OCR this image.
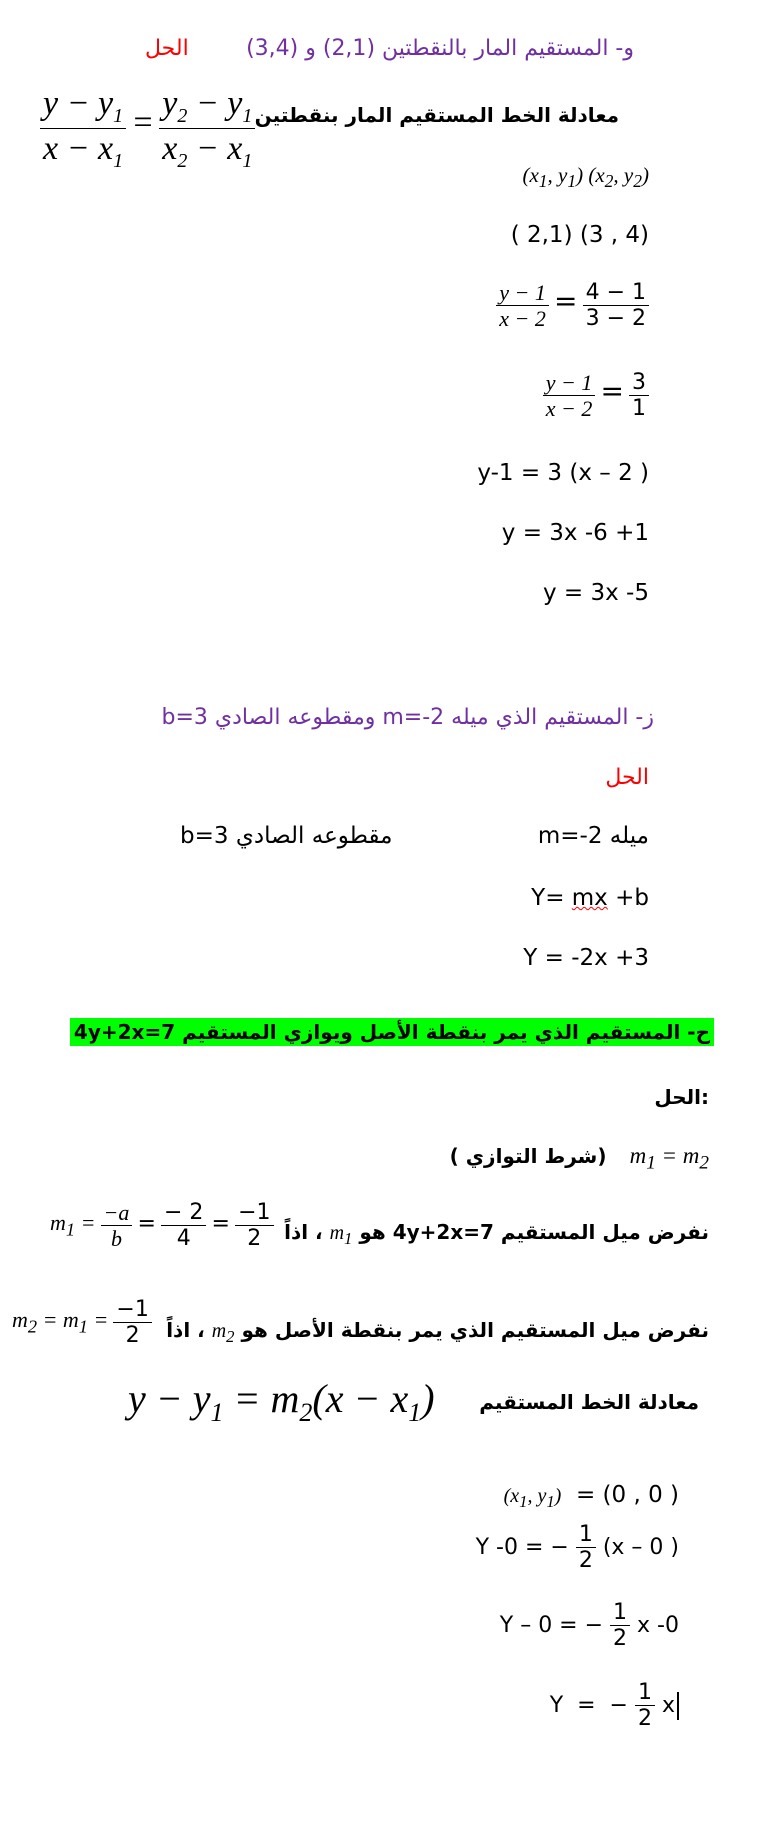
و- المستقيم المار بالنقطتين (2,1) و (3,4)
الحل
$\frac{y - y_1}{x - x_1} = \frac{y_2 - y_1}{x_2 - x_1}$ معادلة الخط المستقيم المار بنقطتين
($x_1$, $y_1$) ($x_2$, $y_2$)
( 2,1) (3 , 4)
$\frac{y - 1}{x - 2} = \frac{4 - 1}{3 - 2}$
$\frac{y - 1}{x - 2} = \frac{3}{1}$
y-1 = 3 (x – 2 )
y = 3x -6 +1
y = 3x -5
ز- المستقيم الذي ميله m=-2 ومقطوعه الصادي b=3
الحل
ميله m=-2
مقطوعه الصادي b=3
Y= mx +b
Y = -2x +3
ح- المستقيم الذي يمر بنقطة الأصل ويوازي المستقيم 4y+2x=7
الحل:
(شرط التوازي ) $m_1 = m_2$
نفرض ميل المستقيم 4y+2x=7 هو $m_1$ ، اذاً
$m_1 = \frac{-a}{b} = \frac{- 2}{4} = \frac{-1}{2}$
نفرض ميل المستقيم الذي يمر بنقطة الأصل هو $m_2$ ، اذاً
$m_2 = m_1 = \frac{-1}{2}$
معادلة الخط المستقيم
$y - y_1 = m_2(x - x_1)$
($x_1$, $y_1) = (0$ , 0 )
Y -0 = − $\frac{1}{2} (x - 0$ )
Y – 0 = − $\frac{1}{2}$ x -0
Y  =  − $\frac{1}{2}$ x
